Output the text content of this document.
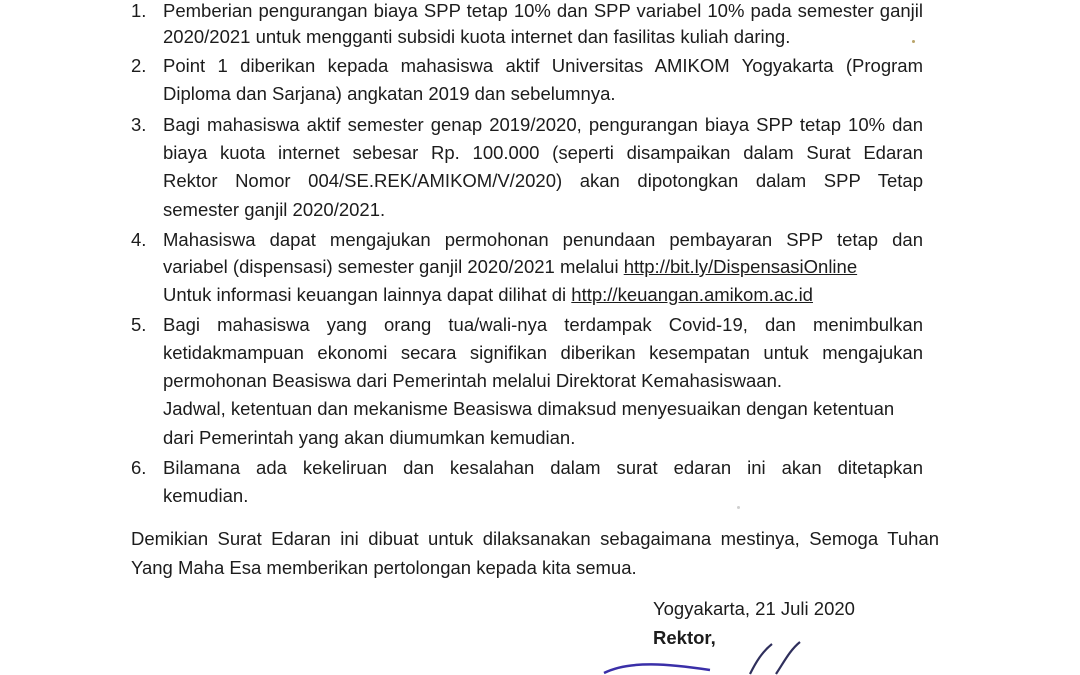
1. Pemberian pengurangan biaya SPP tetap 10% dan SPP variabel 10% pada semester ganjil
2020/2021 untuk mengganti subsidi kuota internet dan fasilitas kuliah daring.
2. Point 1 diberikan kepada mahasiswa aktif Universitas AMIKOM Yogyakarta (Program
Diploma dan Sarjana) angkatan 2019 dan sebelumnya.
3. Bagi mahasiswa aktif semester genap 2019/2020, pengurangan biaya SPP tetap 10% dan
biaya kuota internet sebesar Rp. 100.000 (seperti disampaikan dalam Surat Edaran
Rektor Nomor 004/SE.REK/AMIKOM/V/2020) akan dipotongkan dalam SPP Tetap
semester ganjil 2020/2021.
4. Mahasiswa dapat mengajukan permohonan penundaan pembayaran SPP tetap dan
variabel (dispensasi) semester ganjil 2020/2021 melalui http://bit.ly/DispensasiOnline
Untuk informasi keuangan lainnya dapat dilihat di http://keuangan.amikom.ac.id
5. Bagi mahasiswa yang orang tua/wali-nya terdampak Covid-19, dan menimbulkan
ketidakmampuan ekonomi secara signifikan diberikan kesempatan untuk mengajukan
permohonan Beasiswa dari Pemerintah melalui Direktorat Kemahasiswaan.
Jadwal, ketentuan dan mekanisme Beasiswa dimaksud menyesuaikan dengan ketentuan
dari Pemerintah yang akan diumumkan kemudian.
6. Bilamana ada kekeliruan dan kesalahan dalam surat edaran ini akan ditetapkan
kemudian.
Demikian Surat Edaran ini dibuat untuk dilaksanakan sebagaimana mestinya, Semoga Tuhan
Yang Maha Esa memberikan pertolongan kepada kita semua.
Yogyakarta, 21 Juli 2020
Rektor,
